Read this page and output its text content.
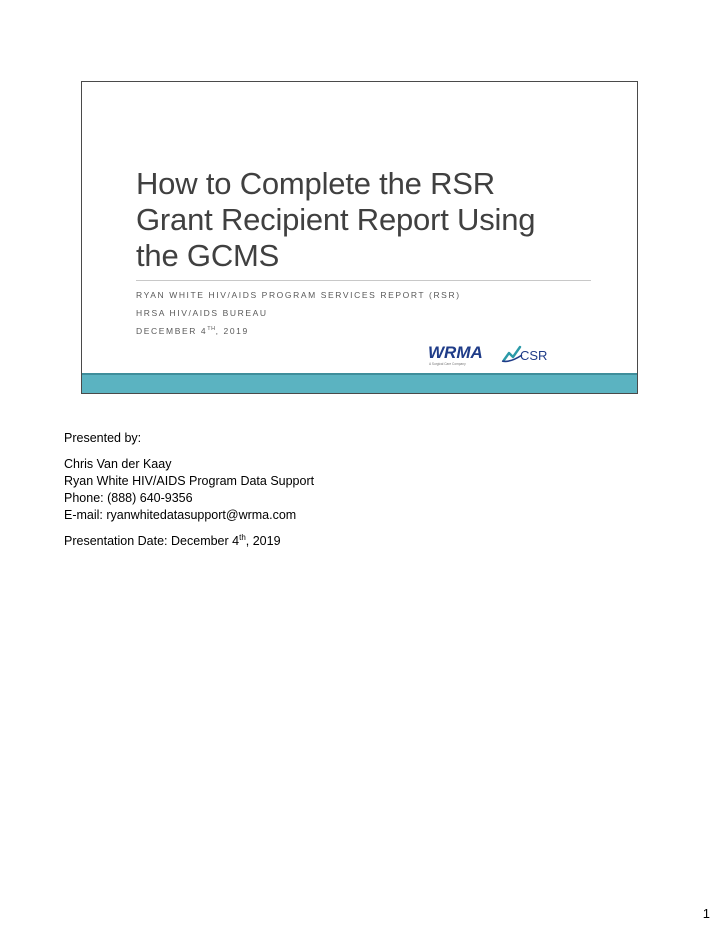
How to Complete the RSR
Grant Recipient Report Using
the GCMS
RYAN WHITE HIV/AIDS PROGRAM SERVICES REPORT (RSR)
HRSA HIV/AIDS BUREAU
DECEMBER 4TH, 2019
WRMA
A Surgical Care Company
CSR

Presented by:

Chris Van der Kaay
Ryan White HIV/AIDS Program Data Support
Phone: (888) 640-9356
E-mail: ryanwhitedatasupport@wrma.com

Presentation Date: December 4th, 2019

1
